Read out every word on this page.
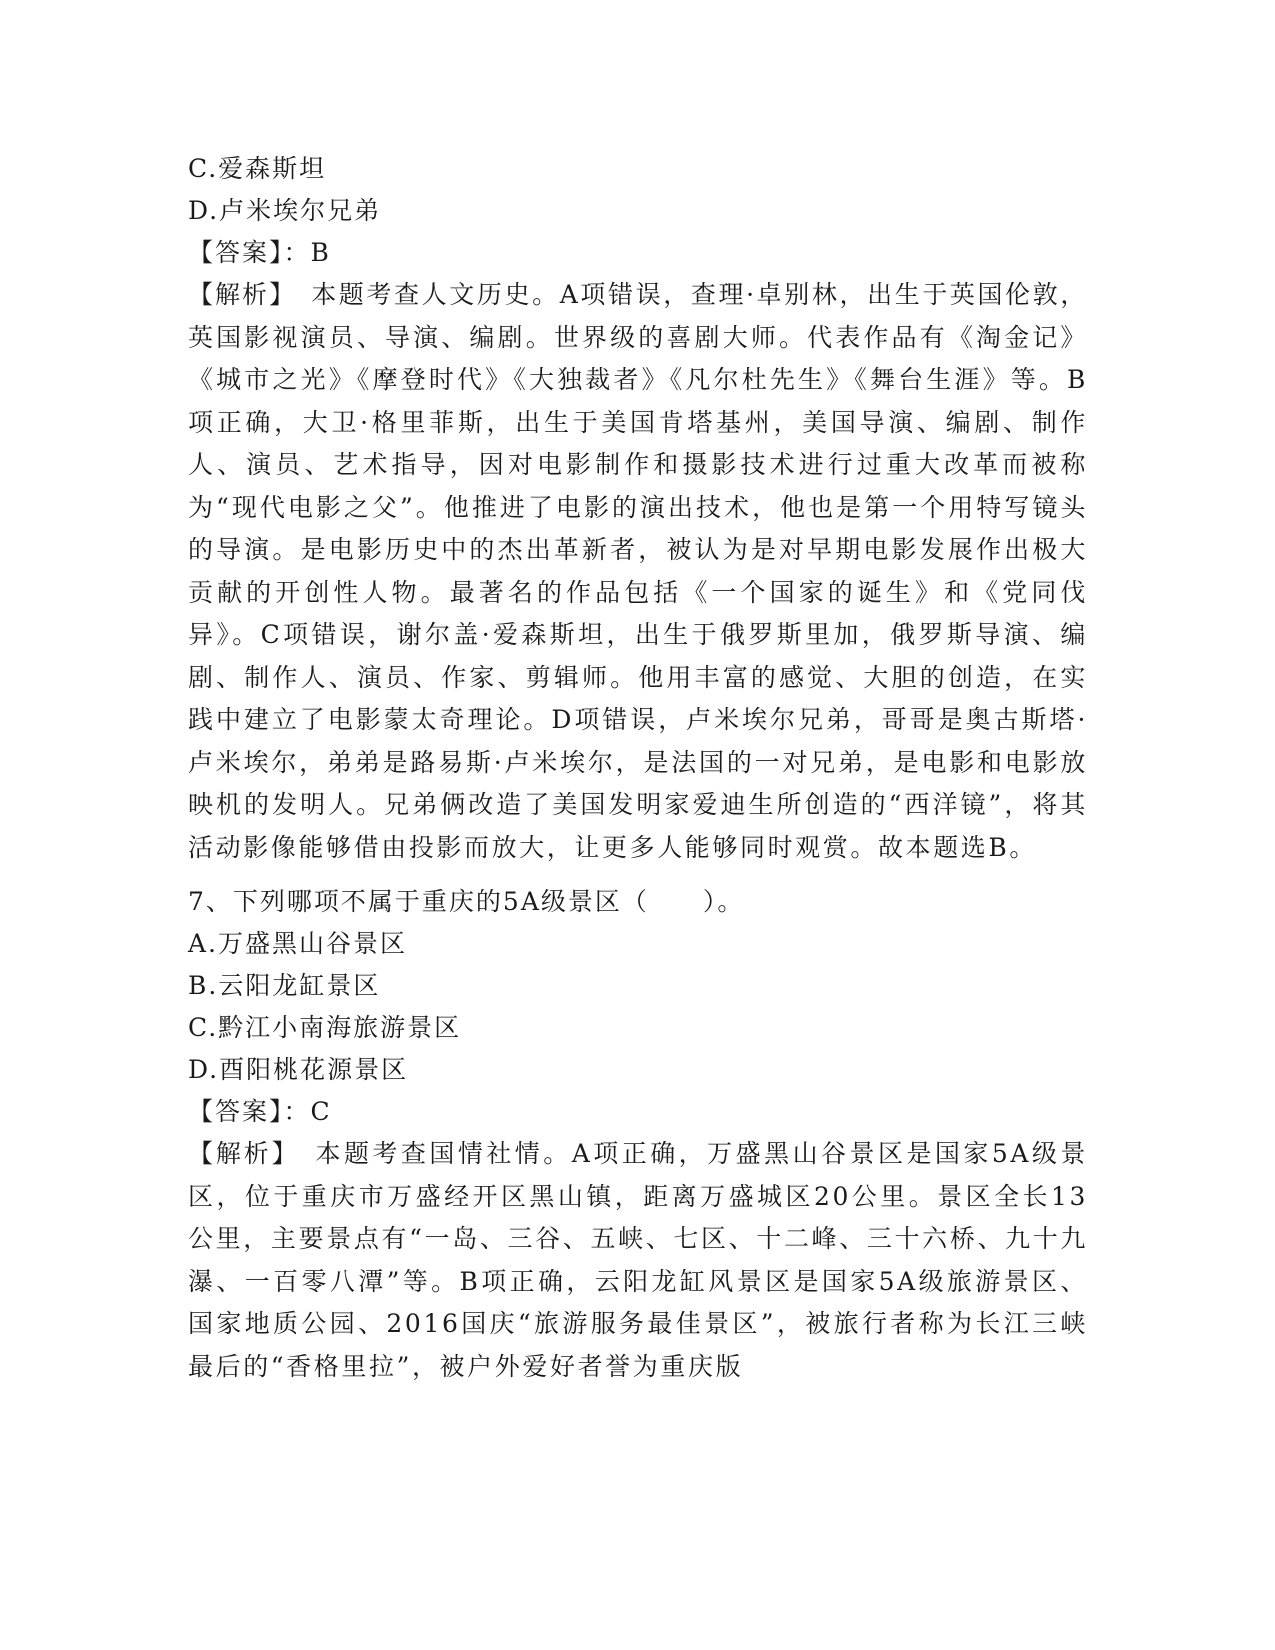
C.爱森斯坦
D.卢米埃尔兄弟
【答案】：B
【解析】　 本题考查人文历史。A项错误，查理·卓别林，出生于英国伦敦，英国影视演员、导演、编剧。世界级的喜剧大师。代表作品有《淘金记》《城市之光》《摩登时代》《大独裁者》《凡尔杜先生》《舞台生涯》等。B项正确，大卫·格里菲斯，出生于美国肯塔基州，美国导演、编剧、制作人、演员、艺术指导，因对电影制作和摄影技术进行过重大改革而被称为“现代电影之父”。他推进了电影的演出技术，他也是第一个用特写镜头的导演。是电影历史中的杰出革新者，被认为是对早期电影发展作出极大贡献的开创性人物。最著名的作品包括《一个国家的诞生》和《党同伐异》。C项错误，谢尔盖·爱森斯坦，出生于俄罗斯里加，俄罗斯导演、编剧、制作人、演员、作家、剪辑师。他用丰富的感觉、大胆的创造，在实践中建立了电影蒙太奇理论。D项错误，卢米埃尔兄弟，哥哥是奥古斯塔·卢米埃尔，弟弟是路易斯·卢米埃尔，是法国的一对兄弟，是电影和电影放映机的发明人。兄弟俩改造了美国发明家爱迪生所创造的“西洋镜”，将其活动影像能够借由投影而放大，让更多人能够同时观赏。故本题选B。
7、下列哪项不属于重庆的5A级景区（　　）。
A.万盛黑山谷景区
B.云阳龙缸景区
C.黔江小南海旅游景区
D.酉阳桃花源景区
【答案】：C
【解析】　 本题考查国情社情。A项正确，万盛黑山谷景区是国家5A级景区，位于重庆市万盛经开区黑山镇，距离万盛城区20公里。景区全长13公里，主要景点有“一岛、三谷、五峡、七区、十二峰、三十六桥、九十九瀑、一百零八潭”等。B项正确，云阳龙缸风景区是国家5A级旅游景区、国家地质公园、2016国庆“旅游服务最佳景区”，被旅行者称为长江三峡最后的“香格里拉”，被户外爱好者誉为重庆版
